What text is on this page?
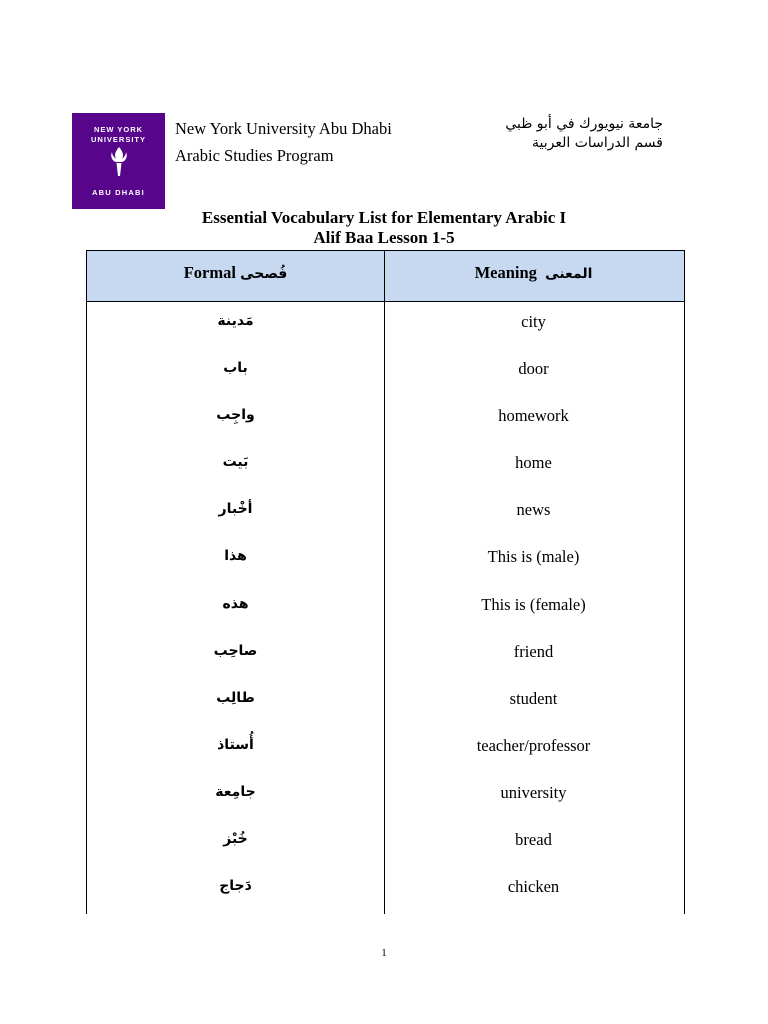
NEW YORK
UNIVERSITY
ABU DHABI
New York University Abu Dhabi
Arabic Studies Program
جامعة نيويورك في أبو ظبي
قسم الدراسات العربية
Essential Vocabulary List for Elementary Arabic I
Alif Baa Lesson 1-5
Formal فُصحى	Meaning المعنى
مَدينة	city
باب	door
واجِب	homework
بَيت	home
أخْبار	news
هذا	This is (male)
هذه	This is (female)
صاحِب	friend
طالِب	student
أُستاذ	teacher/professor
جامِعة	university
خُبْز	bread
دَجاج	chicken
1
